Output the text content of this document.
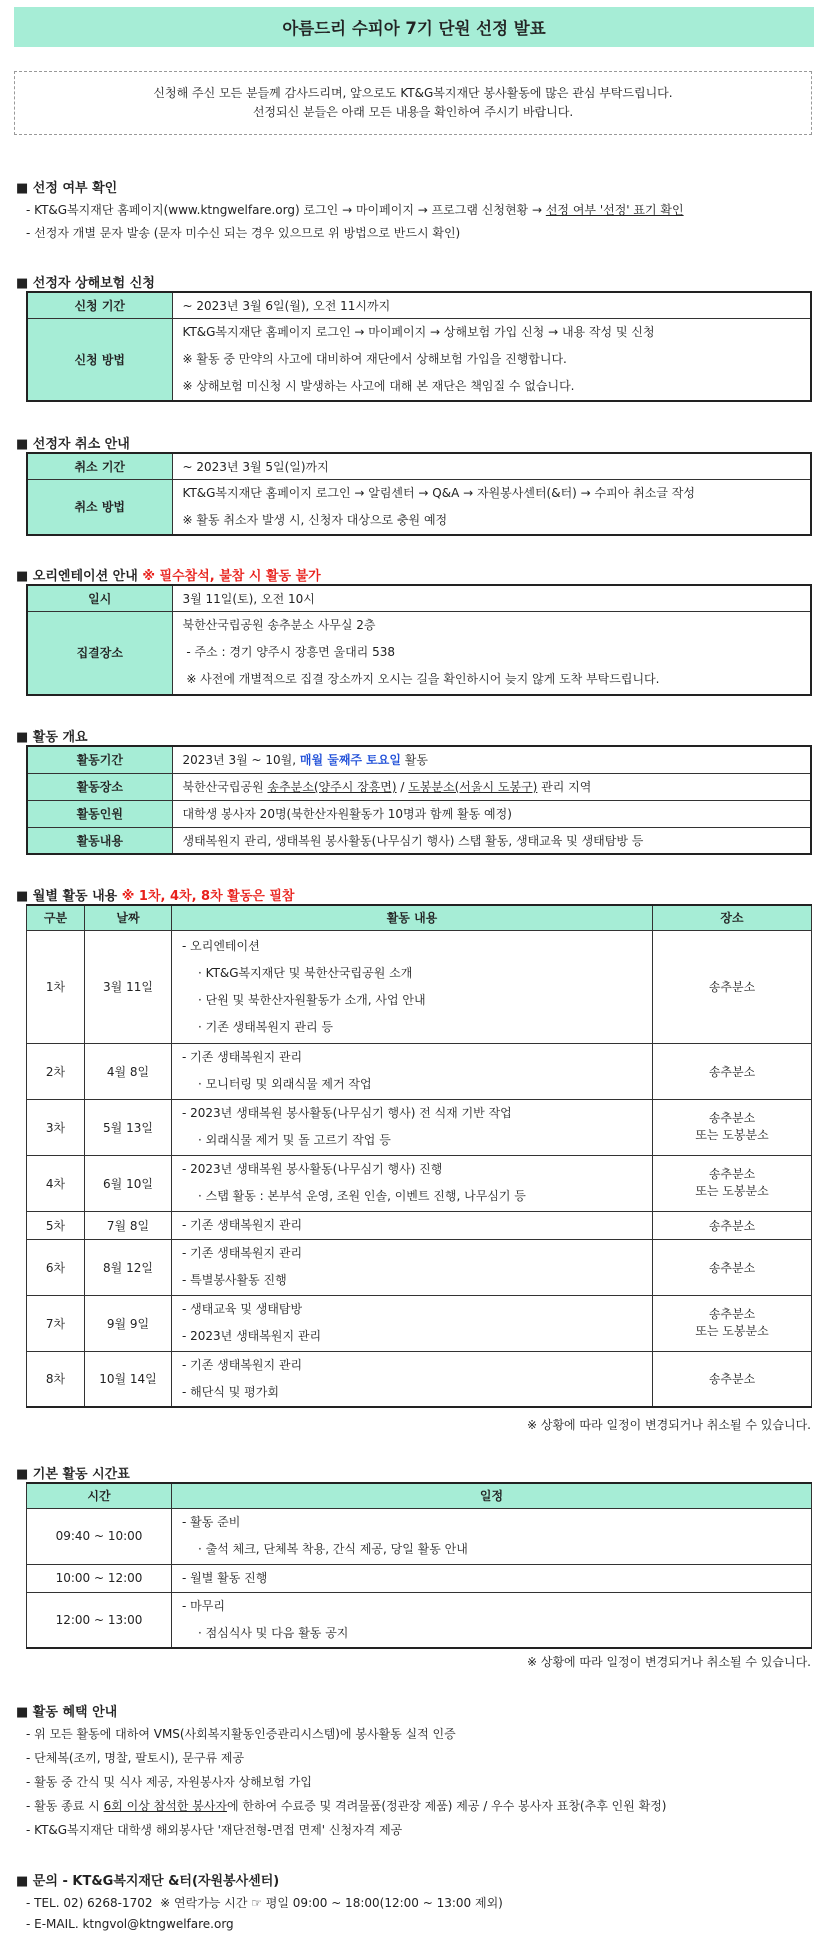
아름드리 수피아 7기 단원 선정 발표
신청해 주신 모든 분들께 감사드리며, 앞으로도 KT&G복지재단 봉사활동에 많은 관심 부탁드립니다.
선정되신 분들은 아래 모든 내용을 확인하여 주시기 바랍니다.
■ 선정 여부 확인
- KT&G복지재단 홈페이지(www.ktngwelfare.org) 로그인 → 마이페이지 → 프로그램 신청현황 → 선정 여부 '선정' 표기 확인
- 선정자 개별 문자 발송 (문자 미수신 되는 경우 있으므로 위 방법으로 반드시 확인)
■ 선정자 상해보험 신청
신청 기간	~ 2023년 3월 6일(월), 오전 11시까지
신청 방법	KT&G복지재단 홈페이지 로그인 → 마이페이지 → 상해보험 가입 신청 → 내용 작성 및 신청
※ 활동 중 만약의 사고에 대비하여 재단에서 상해보험 가입을 진행합니다.
※ 상해보험 미신청 시 발생하는 사고에 대해 본 재단은 책임질 수 없습니다.
■ 선정자 취소 안내
취소 기간	~ 2023년 3월 5일(일)까지
취소 방법	KT&G복지재단 홈페이지 로그인 → 알림센터 → Q&A → 자원봉사센터(&터) → 수피아 취소글 작성
※ 활동 취소자 발생 시, 신청자 대상으로 충원 예정
■ 오리엔테이션 안내 ※ 필수참석, 불참 시 활동 불가
일시	3월 11일(토), 오전 10시
집결장소	북한산국립공원 송추분소 사무실 2층
- 주소 : 경기 양주시 장흥면 울대리 538
※ 사전에 개별적으로 집결 장소까지 오시는 길을 확인하시어 늦지 않게 도착 부탁드립니다.
■ 활동 개요
활동기간	2023년 3월 ~ 10월, 매월 둘째주 토요일 활동
활동장소	북한산국립공원 송추분소(양주시 장흥면) / 도봉분소(서울시 도봉구) 관리 지역
활동인원	대학생 봉사자 20명(북한산자원활동가 10명과 함께 활동 예정)
활동내용	생태복원지 관리, 생태복원 봉사활동(나무심기 행사) 스탭 활동, 생태교육 및 생태탐방 등
■ 월별 활동 내용 ※ 1차, 4차, 8차 활동은 필참
구분	날짜	활동 내용	장소
1차	3월 11일	- 오리엔테이션
· KT&G복지재단 및 북한산국립공원 소개
· 단원 및 북한산자원활동가 소개, 사업 안내
· 기존 생태복원지 관리 등	송추분소
2차	4월 8일	- 기존 생태복원지 관리
· 모니터링 및 외래식물 제거 작업	송추분소
3차	5월 13일	- 2023년 생태복원 봉사활동(나무심기 행사) 전 식재 기반 작업
· 외래식물 제거 및 돌 고르기 작업 등	송추분소
또는 도봉분소
4차	6월 10일	- 2023년 생태복원 봉사활동(나무심기 행사) 진행
· 스탭 활동 : 본부석 운영, 조원 인솔, 이벤트 진행, 나무심기 등	송추분소
또는 도봉분소
5차	7월 8일	- 기존 생태복원지 관리	송추분소
6차	8월 12일	- 기존 생태복원지 관리
- 특별봉사활동 진행	송추분소
7차	9월 9일	- 생태교육 및 생태탐방
- 2023년 생태복원지 관리	송추분소
또는 도봉분소
8차	10월 14일	- 기존 생태복원지 관리
- 해단식 및 평가회	송추분소
※ 상황에 따라 일정이 변경되거나 취소될 수 있습니다.
■ 기본 활동 시간표
시간	일정
09:40 ~ 10:00	- 활동 준비
· 출석 체크, 단체복 착용, 간식 제공, 당일 활동 안내

10:00 ~ 12:00	- 월별 활동 진행

12:00 ~ 13:00	- 마무리
· 점심식사 및 다음 활동 공지
※ 상황에 따라 일정이 변경되거나 취소될 수 있습니다.
■ 활동 혜택 안내
- 위 모든 활동에 대하여 VMS(사회복지활동인증관리시스템)에 봉사활동 실적 인증
- 단체복(조끼, 명찰, 팔토시), 문구류 제공
- 활동 중 간식 및 식사 제공, 자원봉사자 상해보험 가입
- 활동 종료 시 6회 이상 참석한 봉사자에 한하여 수료증 및 격려물품(정관장 제품) 제공 / 우수 봉사자 표창(추후 인원 확정)
- KT&G복지재단 대학생 해외봉사단 '재단전형-면접 면제' 신청자격 제공
■ 문의 - KT&G복지재단 &터(자원봉사센터)
- TEL. 02) 6268-1702  ※ 연락가능 시간 ☞ 평일 09:00 ~ 18:00(12:00 ~ 13:00 제외)
- E-MAIL. ktngvol@ktngwelfare.org
